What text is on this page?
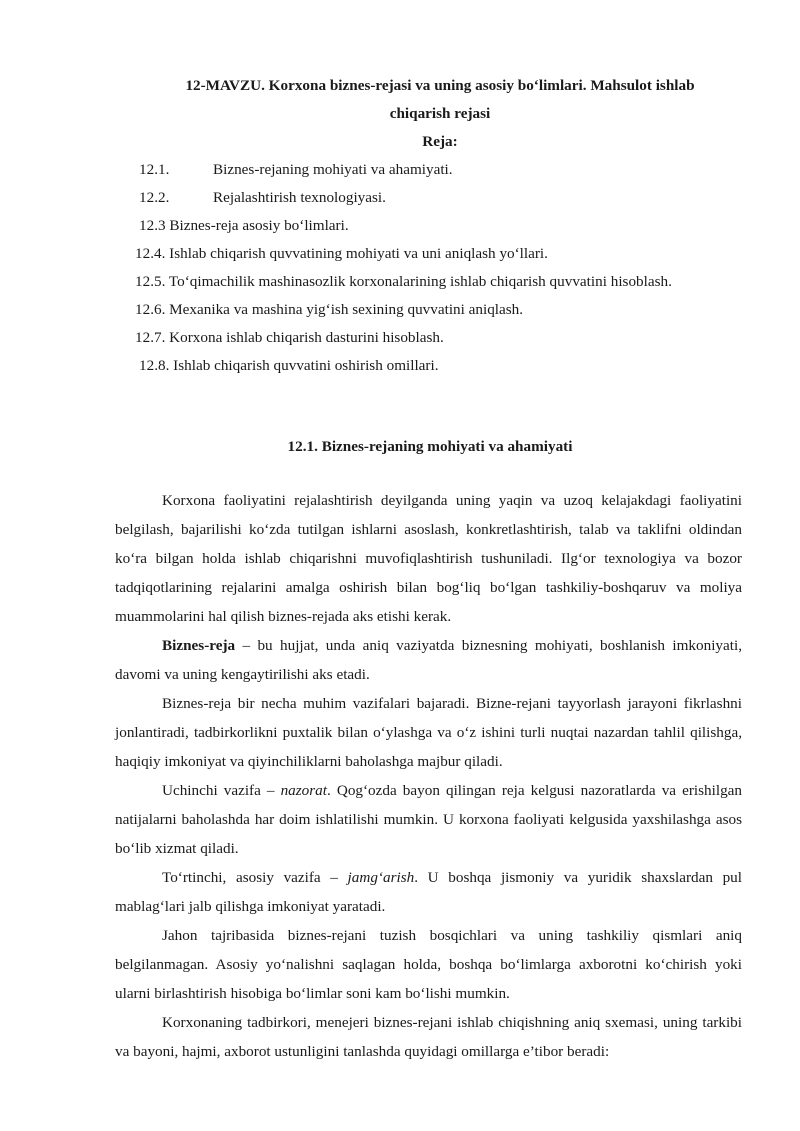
12-MAVZU. Korxona biznes-rejasi va uning asosiy bo‘limlari. Mahsulot ishlab
chiqarish rejasi
Reja:
12.1.	Biznes-rejaning mohiyati va ahamiyati.
12.2.	Rejalashtirish texnologiyasi.
12.3 Biznes-reja asosiy bo‘limlari.
12.4. Ishlab chiqarish quvvatining mohiyati va uni aniqlash yo‘llari.
12.5. To‘qimachilik mashinasozlik korxonalarining ishlab chiqarish quvvatini hisoblash.
12.6. Mexanika va mashina yig‘ish sexining quvvatini aniqlash.
12.7. Korxona ishlab chiqarish dasturini hisoblash.
12.8. Ishlab chiqarish quvvatini oshirish omillari.
12.1. Biznes-rejaning mohiyati va ahamiyati

Korxona faoliyatini rejalashtirish deyilganda uning yaqin va uzoq kelajakdagi faoliyatini belgilash, bajarilishi ko‘zda tutilgan ishlarni asoslash, konkretlashtirish, talab va taklifni oldindan ko‘ra bilgan holda ishlab chiqarishni muvofiqlashtirish tushuniladi. Ilg‘or texnologiya va bozor tadqiqotlarining rejalarini amalga oshirish bilan bog‘liq bo‘lgan tashkiliy-boshqaruv va moliya muammolarini hal qilish biznes-rejada aks etishi kerak.

Biznes-reja – bu hujjat, unda aniq vaziyatda biznesning mohiyati, boshlanish imkoniyati, davomi va uning kengaytirilishi aks etadi.

Biznes-reja bir necha muhim vazifalari bajaradi. Bizne-rejani tayyorlash jarayoni fikrlashni jonlantiradi, tadbirkorlikni puxtalik bilan o‘ylashga va o‘z ishini turli nuqtai nazardan tahlil qilishga, haqiqiy imkoniyat va qiyinchiliklarni baholashga majbur qiladi.

Uchinchi vazifa – nazorat. Qog‘ozda bayon qilingan reja kelgusi nazoratlarda va erishilgan natijalarni baholashda har doim ishlatilishi mumkin. U korxona faoliyati kelgusida yaxshilashga asos bo‘lib xizmat qiladi.

To‘rtinchi, asosiy vazifa – jamg‘arish. U boshqa jismoniy va yuridik shaxslardan pul mablag‘lari jalb qilishga imkoniyat yaratadi.

Jahon tajribasida biznes-rejani tuzish bosqichlari va uning tashkiliy qismlari aniq belgilanmagan. Asosiy yo‘nalishni saqlagan holda, boshqa bo‘limlarga axborotni ko‘chirish yoki ularni birlashtirish hisobiga bo‘limlar soni kam bo‘lishi mumkin.

Korxonaning tadbirkori, menejeri biznes-rejani ishlab chiqishning aniq sxemasi, uning tarkibi va bayoni, hajmi, axborot ustunligini tanlashda quyidagi omillarga e’tibor beradi:
